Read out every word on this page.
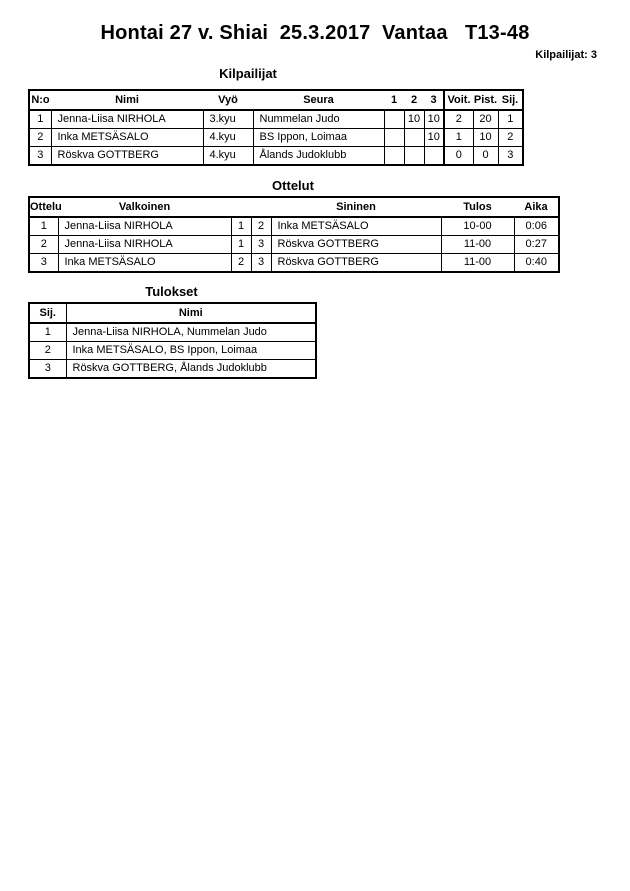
Hontai 27 v. Shiai  25.3.2017  Vantaa   T13-48
Kilpailijat: 3
Kilpailijat
N:o	Nimi	Vyö	Seura	1	2	3	Voit.	Pist.	Sij.
1	Jenna-Liisa NIRHOLA	3.kyu	Nummelan Judo		10	10	2	20	1
2	Inka METSÄSALO	4.kyu	BS Ippon, Loimaa			10	1	10	2
3	Röskva GOTTBERG	4.kyu	Ålands Judoklubb				0	0	3
Ottelut
Ottelu	Valkoinen			Sininen	Tulos	Aika
1	Jenna-Liisa NIRHOLA	1	2	Inka METSÄSALO	10-00	0:06
2	Jenna-Liisa NIRHOLA	1	3	Röskva GOTTBERG	11-00	0:27
3	Inka METSÄSALO	2	3	Röskva GOTTBERG	11-00	0:40
Tulokset
Sij.	Nimi
1	Jenna-Liisa NIRHOLA, Nummelan Judo
2	Inka METSÄSALO, BS Ippon, Loimaa
3	Röskva GOTTBERG, Ålands Judoklubb
